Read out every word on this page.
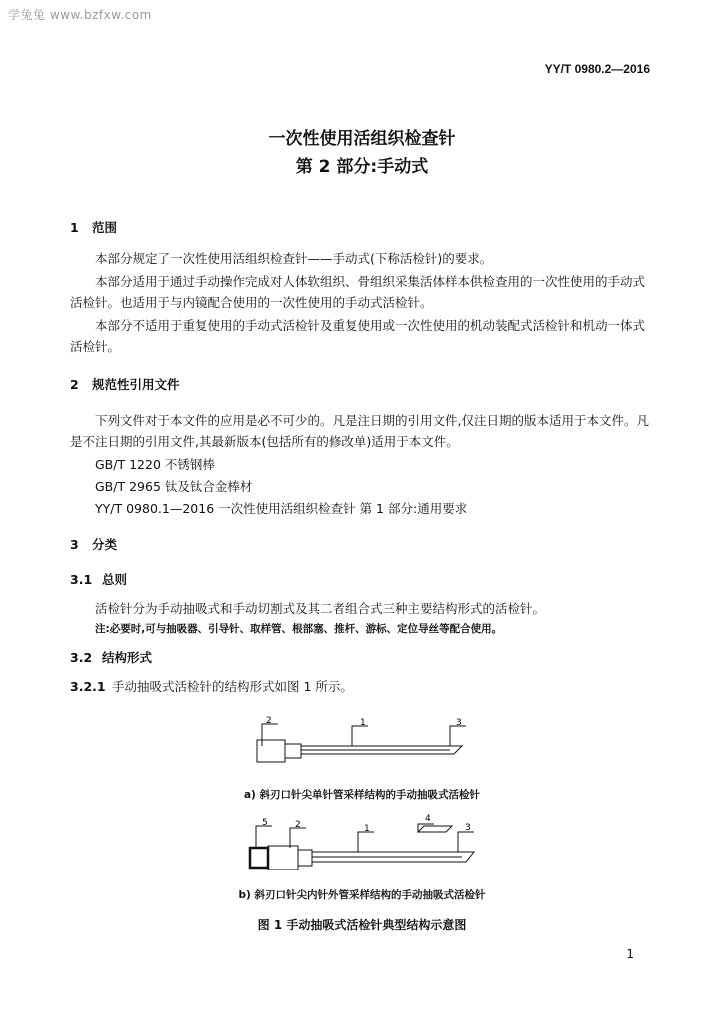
学兔兔 www.bzfxw.com
YY/T 0980.2—2016
一次性使用活组织检查针
第 2 部分:手动式
1 范围
本部分规定了一次性使用活组织检查针——手动式(下称活检针)的要求。
本部分适用于通过手动操作完成对人体软组织、骨组织采集活体样本供检查用的一次性使用的手动式活检针。也适用于与内镜配合使用的一次性使用的手动式活检针。
本部分不适用于重复使用的手动式活检针及重复使用或一次性使用的机动装配式活检针和机动一体式活检针。
2 规范性引用文件
下列文件对于本文件的应用是必不可少的。凡是注日期的引用文件,仅注日期的版本适用于本文件。凡是不注日期的引用文件,其最新版本(包括所有的修改单)适用于本文件。
GB/T 1220 不锈钢棒
GB/T 2965 钛及钛合金棒材
YY/T 0980.1—2016 一次性使用活组织检查针 第 1 部分:通用要求
3 分类
3.1 总则
活检针分为手动抽吸式和手动切割式及其二者组合式三种主要结构形式的活检针。
注:必要时,可与抽吸器、引导针、取样管、根部塞、推杆、游标、定位导丝等配合使用。
3.2 结构形式
3.2.1 手动抽吸式活检针的结构形式如图 1 所示。
2	1	3
a) 斜刃口针尖单针管采样结构的手动抽吸式活检针
5	2	1
4
3
b) 斜刃口针尖内针外管采样结构的手动抽吸式活检针
图 1 手动抽吸式活检针典型结构示意图
1
